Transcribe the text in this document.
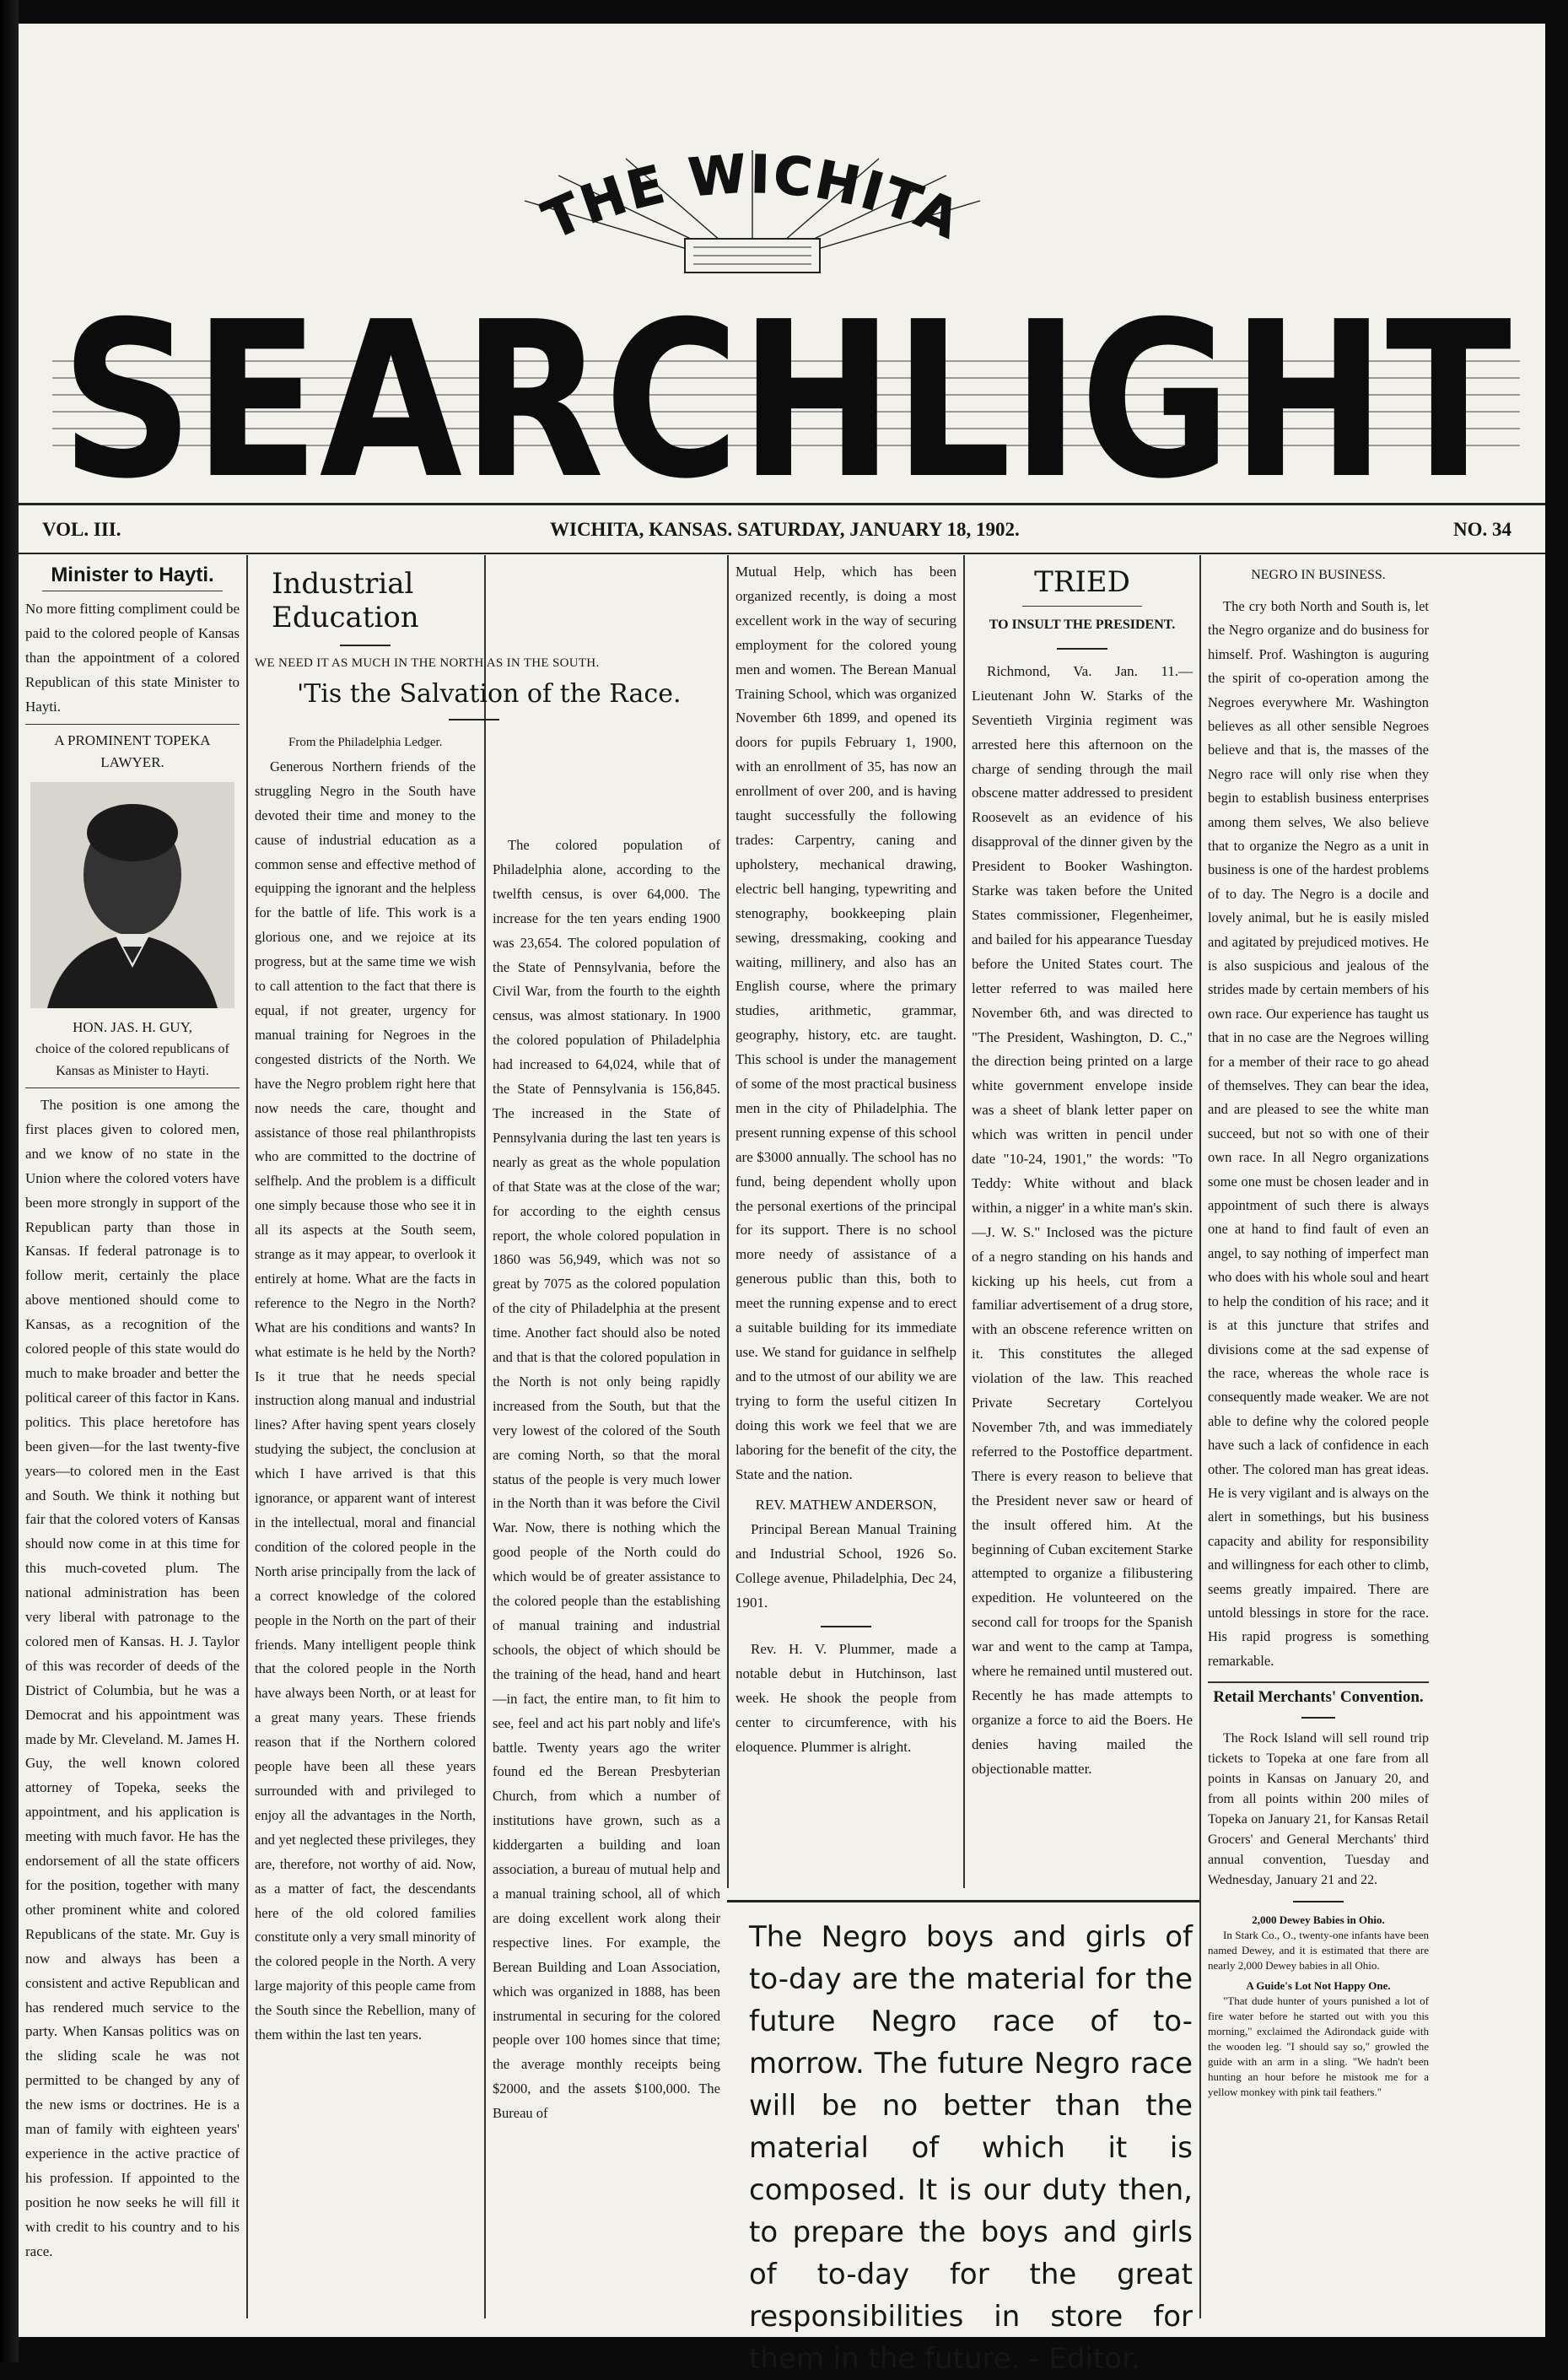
THE WICHITA
SEARCHLIGHT
VOL. III.	WICHITA, KANSAS. SATURDAY, JANUARY 18, 1902.	NO. 34
Minister to Hayti.

No more fitting compliment could be paid to the colored people of Kansas than the appointment of a colored Republican of this state Minister to Hayti.

A PROMINENT TOPEKA LAWYER.
HON. JAS. H. GUY,
choice of the colored republicans of Kansas as Minister to Hayti.

The position is one among the first places given to colored men, and we know of no state in the Union where the colored voters have been more strongly in support of the Republican party than those in Kansas. If federal patronage is to follow merit, certainly the place above mentioned should come to Kansas, as a recognition of the colored people of this state would do much to make broader and better the political career of this factor in Kans. politics. This place heretofore has been given—for the last twenty-five years—to colored men in the East and South. We think it nothing but fair that the colored voters of Kansas should now come in at this time for this much-coveted plum. The national administration has been very liberal with patronage to the colored men of Kansas. H. J. Taylor of this was recorder of deeds of the District of Columbia, but he was a Democrat and his appointment was made by Mr. Cleveland. M. James H. Guy, the well known colored attorney of Topeka, seeks the appointment, and his application is meeting with much favor. He has the endorsement of all the state officers for the position, together with many other prominent white and colored Republicans of the state. Mr. Guy is now and always has been a consistent and active Republican and has rendered much service to the party. When Kansas politics was on the sliding scale he was not permitted to be changed by any of the new isms or doctrines. He is a man of family with eighteen years' experience in the active practice of his profession. If appointed to the position he now seeks he will fill it with credit to his country and to his race.

Industrial Education
WE NEED IT AS MUCH IN THE NORTH AS IN THE SOUTH.
'Tis the Salvation of the Race.
From the Philadelphia Ledger.

Generous Northern friends of the struggling Negro in the South have devoted their time and money to the cause of industrial education as a common sense and effective method of equipping the ignorant and the helpless for the battle of life. This work is a glorious one, and we rejoice at its progress, but at the same time we wish to call attention to the fact that there is equal, if not greater, urgency for manual training for Negroes in the congested districts of the North. We have the Negro problem right here that now needs the care, thought and assistance of those real philanthropists who are committed to the doctrine of selfhelp. And the problem is a difficult one simply because those who see it in all its aspects at the South seem, strange as it may appear, to overlook it entirely at home. What are the facts in reference to the Negro in the North? What are his conditions and wants? In what estimate is he held by the North? Is it true that he needs special instruction along manual and industrial lines? After having spent years closely studying the subject, the conclusion at which I have arrived is that this ignorance, or apparent want of interest in the intellectual, moral and financial condition of the colored people in the North arise principally from the lack of a correct knowledge of the colored people in the North on the part of their friends. Many intelligent people think that the colored people in the North have always been North, or at least for a great many years. These friends reason that if the Northern colored people have been all these years surrounded with and privileged to enjoy all the advantages in the North, and yet neglected these privileges, they are, therefore, not worthy of aid. Now, as a matter of fact, the descendants here of the old colored families constitute only a very small minority of the colored people in the North. A very large majority of this people came from the South since the Rebellion, many of them within the last ten years.

The colored population of Philadelphia alone, according to the twelfth census, is over 64,000. The increase for the ten years ending 1900 was 23,654. The colored population of the State of Pennsylvania, before the Civil War, from the fourth to the eighth census, was almost stationary. In 1900 the colored population of Philadelphia had increased to 64,024, while that of the State of Pennsylvania is 156,845. The increased in the State of Pennsylvania during the last ten years is nearly as great as the whole population of that State was at the close of the war; for according to the eighth census report, the whole colored population in 1860 was 56,949, which was not so great by 7075 as the colored population of the city of Philadelphia at the present time. Another fact should also be noted and that is that the colored population in the North is not only being rapidly increased from the South, but that the very lowest of the colored of the South are coming North, so that the moral status of the people is very much lower in the North than it was before the Civil War. Now, there is nothing which the good people of the North could do which would be of greater assistance to the colored people than the establishing of manual training and industrial schools, the object of which should be the training of the head, hand and heart—in fact, the entire man, to fit him to see, feel and act his part nobly and life's battle. Twenty years ago the writer found ed the Berean Presbyterian Church, from which a number of institutions have grown, such as a kiddergarten a building and loan association, a bureau of mutual help and a manual training school, all of which are doing excellent work along their respective lines. For example, the Berean Building and Loan Association, which was organized in 1888, has been instrumental in securing for the colored people over 100 homes since that time; the average monthly receipts being $2000, and the assets $100,000. The Bureau of

Mutual Help, which has been organized recently, is doing a most excellent work in the way of securing employment for the colored young men and women. The Berean Manual Training School, which was organized November 6th 1899, and opened its doors for pupils February 1, 1900, with an enrollment of 35, has now an enrollment of over 200, and is having taught successfully the following trades: Carpentry, caning and upholstery, mechanical drawing, electric bell hanging, typewriting and stenography, bookkeeping plain sewing, dressmaking, cooking and waiting, millinery, and also has an English course, where the primary studies, arithmetic, grammar, geography, history, etc. are taught. This school is under the management of some of the most practical business men in the city of Philadelphia. The present running expense of this school are $3000 annually. The school has no fund, being dependent wholly upon the personal exertions of the principal for its support. There is no school more needy of assistance of a generous public than this, both to meet the running expense and to erect a suitable building for its immediate use. We stand for guidance in selfhelp and to the utmost of our ability we are trying to form the useful citizen In doing this work we feel that we are laboring for the benefit of the city, the State and the nation.

REV. MATHEW ANDERSON,

Principal Berean Manual Training and Industrial School, 1926 So. College avenue, Philadelphia, Dec 24, 1901.

Rev. H. V. Plummer, made a notable debut in Hutchinson, last week. He shook the people from center to circumference, with his eloquence. Plummer is alright.

TRIED
TO INSULT THE PRESIDENT.

Richmond, Va. Jan. 11.—Lieutenant John W. Starks of the Seventieth Virginia regiment was arrested here this afternoon on the charge of sending through the mail obscene matter addressed to president Roosevelt as an evidence of his disapproval of the dinner given by the President to Booker Washington. Starke was taken before the United States commissioner, Flegenheimer, and bailed for his appearance Tuesday before the United States court. The letter referred to was mailed here November 6th, and was directed to "The President, Washington, D. C.," the direction being printed on a large white government envelope inside was a sheet of blank letter paper on which was written in pencil under date "10-24, 1901," the words: "To Teddy: White without and black within, a nigger' in a white man's skin.—J. W. S." Inclosed was the picture of a negro standing on his hands and kicking up his heels, cut from a familiar advertisement of a drug store, with an obscene reference written on it. This constitutes the alleged violation of the law. This reached Private Secretary Cortelyou November 7th, and was immediately referred to the Postoffice department. There is every reason to believe that the President never saw or heard of the insult offered him. At the beginning of Cuban excitement Starke attempted to organize a filibustering expedition. He volunteered on the second call for troops for the Spanish war and went to the camp at Tampa, where he remained until mustered out. Recently he has made attempts to organize a force to aid the Boers. He denies having mailed the objectionable matter.

NEGRO IN BUSINESS.

The cry both North and South is, let the Negro organize and do business for himself. Prof. Washington is auguring the spirit of co-operation among the Negroes everywhere Mr. Washington believes as all other sensible Negroes believe and that is, the masses of the Negro race will only rise when they begin to establish business enterprises among them selves, We also believe that to organize the Negro as a unit in business is one of the hardest problems of to day. The Negro is a docile and lovely animal, but he is easily misled and agitated by prejudiced motives. He is also suspicious and jealous of the strides made by certain members of his own race. Our experience has taught us that in no case are the Negroes willing for a member of their race to go ahead of themselves. They can bear the idea, and are pleased to see the white man succeed, but not so with one of their own race. In all Negro organizations some one must be chosen leader and in appointment of such there is always one at hand to find fault of even an angel, to say nothing of imperfect man who does with his whole soul and heart to help the condition of his race; and it is at this juncture that strifes and divisions come at the sad expense of the race, whereas the whole race is consequently made weaker. We are not able to define why the colored people have such a lack of confidence in each other. The colored man has great ideas. He is very vigilant and is always on the alert in somethings, but his business capacity and ability for responsibility and willingness for each other to climb, seems greatly impaired. There are untold blessings in store for the race. His rapid progress is something remarkable.

Retail Merchants' Convention.

The Rock Island will sell round trip tickets to Topeka at one fare from all points in Kansas on January 20, and from all points within 200 miles of Topeka on January 21, for Kansas Retail Grocers' and General Merchants' third annual convention, Tuesday and Wednesday, January 21 and 22.

2,000 Dewey Babies in Ohio.

In Stark Co., O., twenty-one infants have been named Dewey, and it is estimated that there are nearly 2,000 Dewey babies in all Ohio.

A Guide's Lot Not Happy One.

"That dude hunter of yours punished a lot of fire water before he started out with you this morning," exclaimed the Adirondack guide with the wooden leg. "I should say so," growled the guide with an arm in a sling. "We hadn't been hunting an hour before he mistook me for a yellow monkey with pink tail feathers."

The Negro boys and girls of to-day are the material for the future Negro race of to-morrow. The future Negro race will be no better than the material of which it is composed. It is our duty then, to prepare the boys and girls of to-day for the great responsibilities in store for them in the future. - Editor.
